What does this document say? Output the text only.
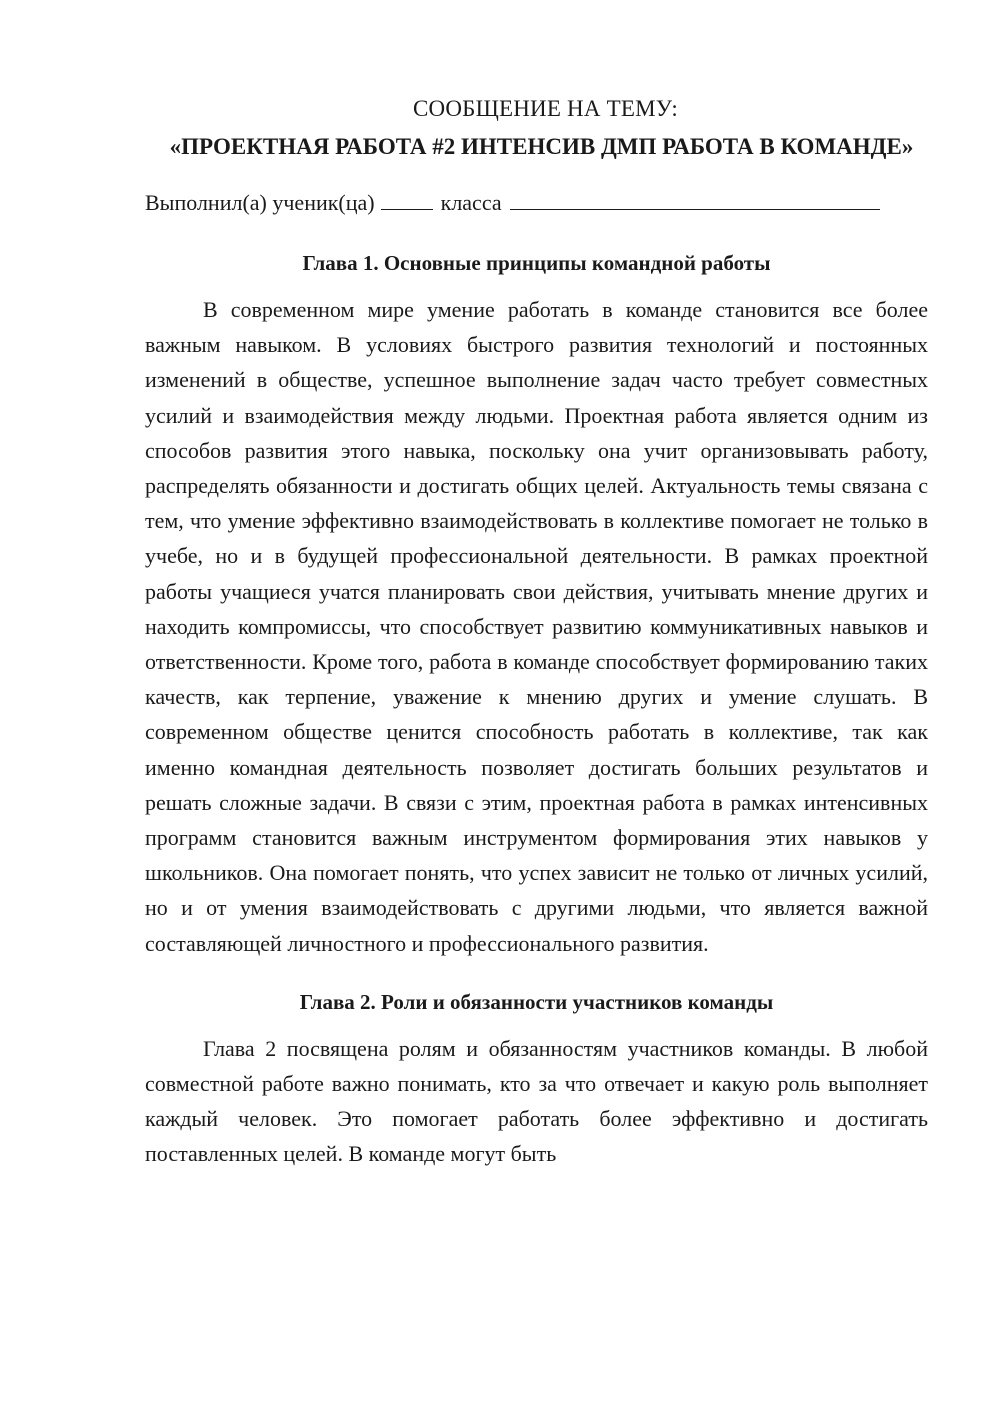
СООБЩЕНИЕ НА ТЕМУ:

«ПРОЕКТНАЯ РАБОТА #2 ИНТЕНСИВ ДМП РАБОТА В КОМАНДЕ»

Выполнил(а) ученик(ца)	класса

Глава 1. Основные принципы командной работы

В современном мире умение работать в команде становится все более важным навыком. В условиях быстрого развития технологий и постоянных изменений в обществе, успешное выполнение задач часто требует совместных усилий и взаимодействия между людьми. Проектная работа является одним из способов развития этого навыка, поскольку она учит организовывать работу, распределять обязанности и достигать общих целей. Актуальность темы связана с тем, что умение эффективно взаимодействовать в коллективе помогает не только в учебе, но и в будущей профессиональной деятельности. В рамках проектной работы учащиеся учатся планировать свои действия, учитывать мнение других и находить компромиссы, что способствует развитию коммуникативных навыков и ответственности. Кроме того, работа в команде способствует формированию таких качеств, как терпение, уважение к мнению других и умение слушать. В современном обществе ценится способность работать в коллективе, так как именно командная деятельность позволяет достигать больших результатов и решать сложные задачи. В связи с этим, проектная работа в рамках интенсивных программ становится важным инструментом формирования этих навыков у школьников. Она помогает понять, что успех зависит не только от личных усилий, но и от умения взаимодействовать с другими людьми, что является важной составляющей личностного и профессионального развития.

Глава 2. Роли и обязанности участников команды

Глава 2 посвящена ролям и обязанностям участников команды. В любой совместной работе важно понимать, кто за что отвечает и какую роль выполняет каждый человек. Это помогает работать более эффективно и достигать поставленных целей. В команде могут быть
